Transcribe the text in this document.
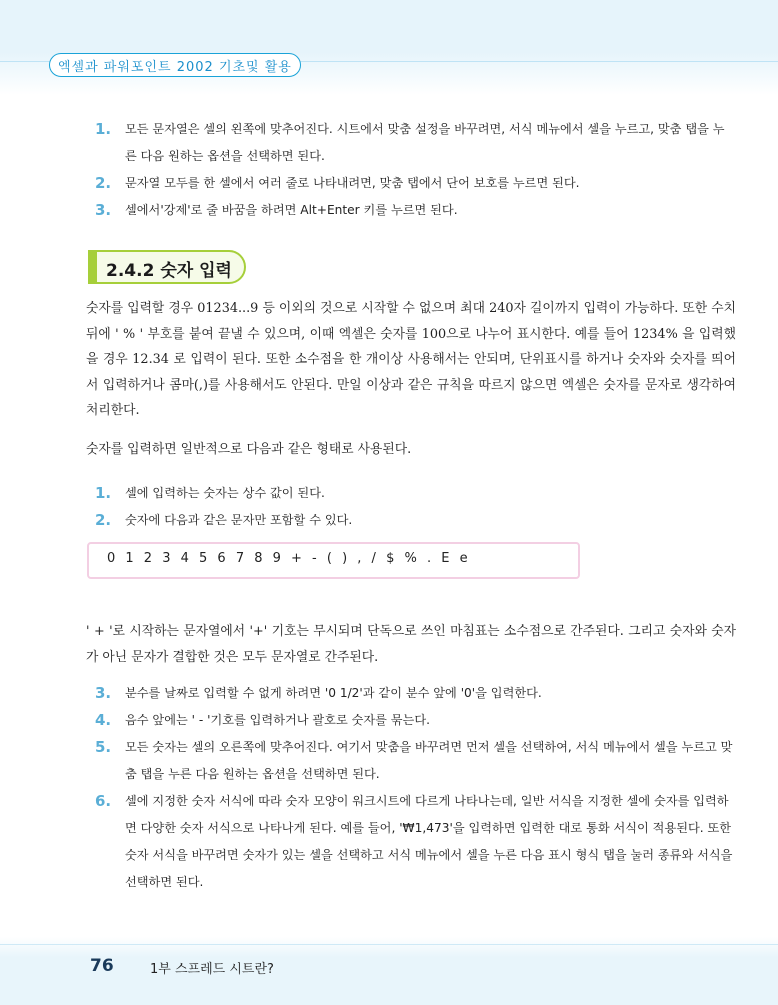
엑셀과 파워포인트 2002 기초및 활용
1. 모든 문자열은 셀의 왼쪽에 맞추어진다. 시트에서 맞춤 설정을 바꾸려면, 서식 메뉴에서 셀을 누르고, 맞춤 탭을 누른 다음 원하는 옵션을 선택하면 된다.
2. 문자열 모두를 한 셀에서 여러 줄로 나타내려면, 맞춤 탭에서 단어 보호를 누르면 된다.
3. 셀에서'강제'로 줄 바꿈을 하려면 Alt+Enter 키를 누르면 된다.
2.4.2 숫자 입력
숫자를 입력할 경우 01234...9 등 이외의 것으로 시작할 수 없으며 최대 240자 길이까지 입력이 가능하다. 또한 수치 뒤에 ' % ' 부호를 붙여 끝낼 수 있으며, 이때 엑셀은 숫자를 100으로 나누어 표시한다. 예를 들어 1234% 을 입력했을 경우 12.34 로 입력이 된다. 또한 소수점을 한 개이상 사용해서는 안되며, 단위표시를 하거나 숫자와 숫자를 띄어서 입력하거나 콤마(,)를 사용해서도 안된다. 만일 이상과 같은 규칙을 따르지 않으면 엑셀은 숫자를 문자로 생각하여 처리한다.
숫자를 입력하면 일반적으로 다음과 같은 형태로 사용된다.
1. 셀에 입력하는 숫자는 상수 값이 된다.
2. 숫자에 다음과 같은 문자만 포함할 수 있다.
0 1 2 3 4 5 6 7 8 9 + - ( ) , / $ % . E e
' + '로 시작하는 문자열에서 '+' 기호는 무시되며 단독으로 쓰인 마침표는 소수점으로 간주된다. 그리고 숫자와 숫자가 아닌 문자가 결합한 것은 모두 문자열로 간주된다.
3. 분수를 날짜로 입력할 수 없게 하려면 '0 1/2'과 같이 분수 앞에 '0'을 입력한다.
4. 음수 앞에는 ' - '기호를 입력하거나 괄호로 숫자를 묶는다.
5. 모든 숫자는 셀의 오른쪽에 맞추어진다. 여기서 맞춤을 바꾸려면 먼저 셀을 선택하여, 서식 메뉴에서 셀을 누르고 맞춤 탭을 누른 다음 원하는 옵션을 선택하면 된다.
6. 셀에 지정한 숫자 서식에 따라 숫자 모양이 워크시트에 다르게 나타나는데, 일반 서식을 지정한 셀에 숫자를 입력하면 다양한 숫자 서식으로 나타나게 된다. 예를 들어, '₩1,473'을 입력하면 입력한 대로 통화 서식이 적용된다. 또한 숫자 서식을 바꾸려면 숫자가 있는 셀을 선택하고 서식 메뉴에서 셀을 누른 다음 표시 형식 탭을 눌러 종류와 서식을 선택하면 된다.
76	1부 스프레드 시트란?
